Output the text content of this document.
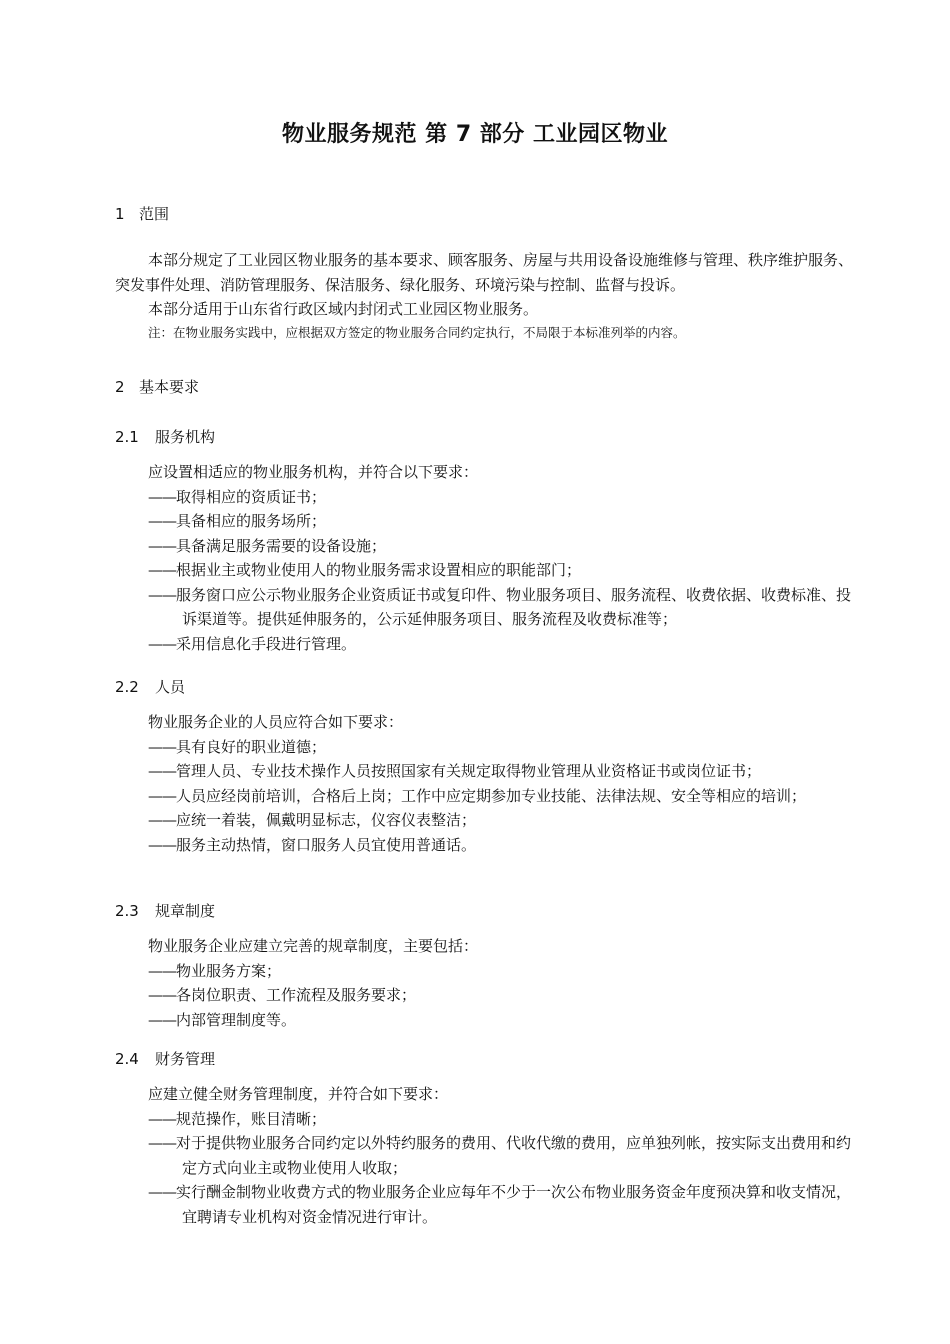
物业服务规范 第 7 部分 工业园区物业
1 范围

本部分规定了工业园区物业服务的基本要求、顾客服务、房屋与共用设备设施维修与管理、秩序维护服务、突发事件处理、消防管理服务、保洁服务、绿化服务、环境污染与控制、监督与投诉。

本部分适用于山东省行政区域内封闭式工业园区物业服务。

注：在物业服务实践中，应根据双方签定的物业服务合同约定执行，不局限于本标准列举的内容。

2 基本要求
2.1 服务机构

应设置相适应的物业服务机构，并符合以下要求：

——取得相应的资质证书；

——具备相应的服务场所；

——具备满足服务需要的设备设施；

——根据业主或物业使用人的物业服务需求设置相应的职能部门；

——服务窗口应公示物业服务企业资质证书或复印件、物业服务项目、服务流程、收费依据、收费标准、投诉渠道等。提供延伸服务的，公示延伸服务项目、服务流程及收费标准等；

——采用信息化手段进行管理。

2.2 人员

物业服务企业的人员应符合如下要求：

——具有良好的职业道德；

——管理人员、专业技术操作人员按照国家有关规定取得物业管理从业资格证书或岗位证书；

——人员应经岗前培训，合格后上岗；工作中应定期参加专业技能、法律法规、安全等相应的培训；

——应统一着装，佩戴明显标志，仪容仪表整洁；

——服务主动热情，窗口服务人员宜使用普通话。

2.3 规章制度

物业服务企业应建立完善的规章制度，主要包括：

——物业服务方案；

——各岗位职责、工作流程及服务要求；

——内部管理制度等。

2.4 财务管理

应建立健全财务管理制度，并符合如下要求：

——规范操作，账目清晰；

——对于提供物业服务合同约定以外特约服务的费用、代收代缴的费用，应单独列帐，按实际支出费用和约定方式向业主或物业使用人收取；

——实行酬金制物业收费方式的物业服务企业应每年不少于一次公布物业服务资金年度预决算和收支情况，宜聘请专业机构对资金情况进行审计。
